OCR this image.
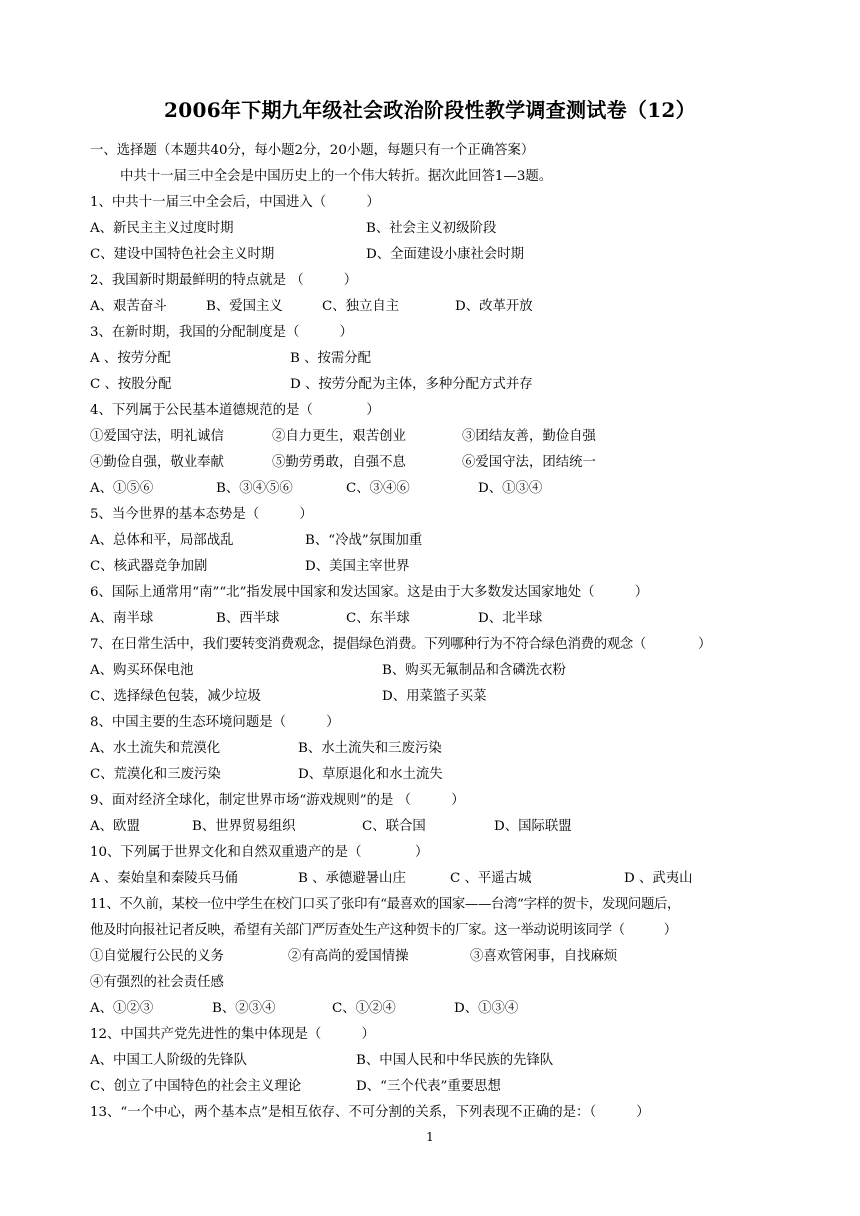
2006年下期九年级社会政治阶段性教学调查测试卷（12）
一、选择题（本题共40分，每小题2分，20小题，每题只有一个正确答案）
中共十一届三中全会是中国历史上的一个伟大转折。据次此回答1—3题。
1、中共十一届三中全会后，中国进入（　　　）
A、新民主主义过度时期	B、社会主义初级阶段
C、建设中国特色社会主义时期	D、全面建设小康社会时期
2、我国新时期最鲜明的特点就是 （　　　）
A、艰苦奋斗	B、爱国主义	C、独立自主	D、改革开放
3、在新时期，我国的分配制度是（　　　）
A 、按劳分配	B 、按需分配
C 、按股分配	D 、按劳分配为主体，多种分配方式并存
4、下列属于公民基本道德规范的是（　　　　）
①爱国守法，明礼诚信	②自力更生，艰苦创业	③团结友善，勤俭自强
④勤俭自强，敬业奉献	⑤勤劳勇敢，自强不息	⑥爱国守法，团结统一
A、①⑤⑥	B、③④⑤⑥	C、③④⑥	D、①③④
5、当今世界的基本态势是（　　　）
A、总体和平，局部战乱	B、“冷战”氛围加重
C、核武器竞争加剧	D、美国主宰世界
6、国际上通常用“南”“北”指发展中国家和发达国家。这是由于大多数发达国家地处（　　　）
A、南半球	B、西半球	C、东半球	D、北半球
7、在日常生活中，我们要转变消费观念，提倡绿色消费。下列哪种行为不符合绿色消费的观念（　　　　）
A、购买环保电池	B、购买无氟制品和含磷洗衣粉
C、选择绿色包装，减少垃圾	D、用菜篮子买菜
8、中国主要的生态环境问题是（　　　）
A、水土流失和荒漠化	B、水土流失和三废污染
C、荒漠化和三废污染	D、草原退化和水土流失
9、面对经济全球化，制定世界市场“游戏规则”的是 （　　　）
A、欧盟	B、世界贸易组织	C、联合国	D、国际联盟
10、下列属于世界文化和自然双重遗产的是（　　　　）
A 、秦始皇和秦陵兵马俑	B 、承德避暑山庄	C 、平遥古城	D 、武夷山
11、不久前，某校一位中学生在校门口买了张印有“最喜欢的国家——台湾”字样的贺卡，发现问题后，
他及时向报社记者反映，希望有关部门严厉查处生产这种贺卡的厂家。这一举动说明该同学（　　　）
①自觉履行公民的义务	②有高尚的爱国情操	③喜欢管闲事，自找麻烦
④有强烈的社会责任感
A、①②③	B、②③④	C、①②④	D、①③④
12、中国共产党先进性的集中体现是（　　　）
A、中国工人阶级的先锋队	B、中国人民和中华民族的先锋队
C、创立了中国特色的社会主义理论	D、“三个代表”重要思想
13、“一个中心，两个基本点”是相互依存、不可分割的关系，下列表现不正确的是：（　　　）
1
